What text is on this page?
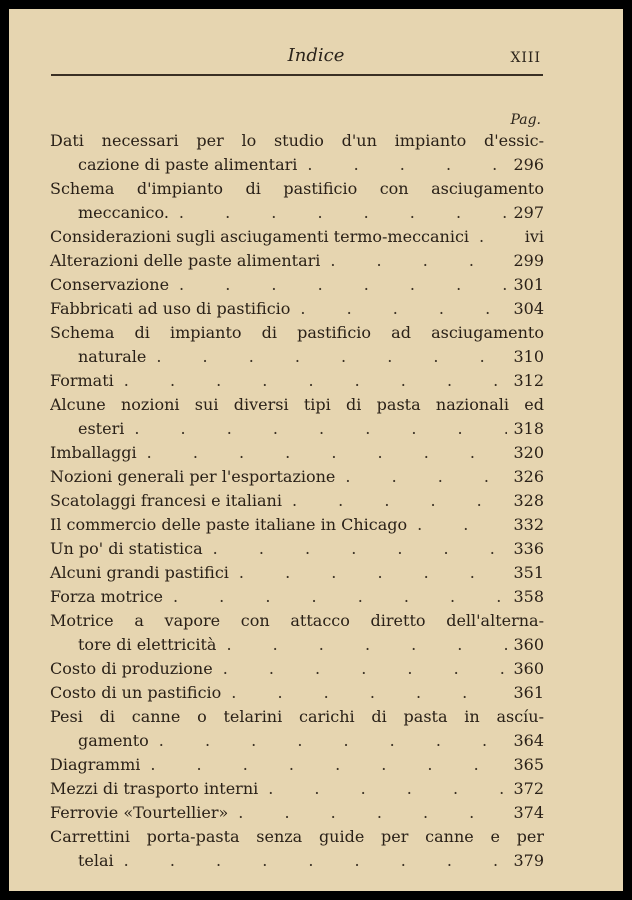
Indice	XIII
Pag.
Dati necessari per lo studio d'un impianto d'essic-
cazione di paste alimentari . . .	296
Schema d'impianto di pastificio con asciugamento
meccanico. . . .	297
Considerazioni sugli asciugamenti termo-meccanici . . .	ivi
Alterazioni delle paste alimentari . . .	299
Conservazione . . .	301
Fabbricati ad uso di pastificio . . .	304
Schema di impianto di pastificio ad asciugamento
naturale . . .	310
Formati . . .	312
Alcune nozioni sui diversi tipi di pasta nazionali ed
esteri . . .	318
Imballaggi . . .	320
Nozioni generali per l'esportazione . . .	326
Scatolaggi francesi e italiani . . .	328
Il commercio delle paste italiane in Chicago . . .	332
Un po' di statistica . . .	336
Alcuni grandi pastifici . . .	351
Forza motrice . . .	358
Motrice a vapore con attacco diretto dell'alterna-
tore di elettricità . . .	360
Costo di produzione . . .	360
Costo di un pastificio . . .	361
Pesi di canne o telarini carichi di pasta in ascíu-
gamento . . .	364
Diagrammi . . .	365
Mezzi di trasporto interni . . .	372
Ferrovie «Tourtellier» . . .	374
Carrettini porta-pasta senza guide per canne e per
telai . . .	379
